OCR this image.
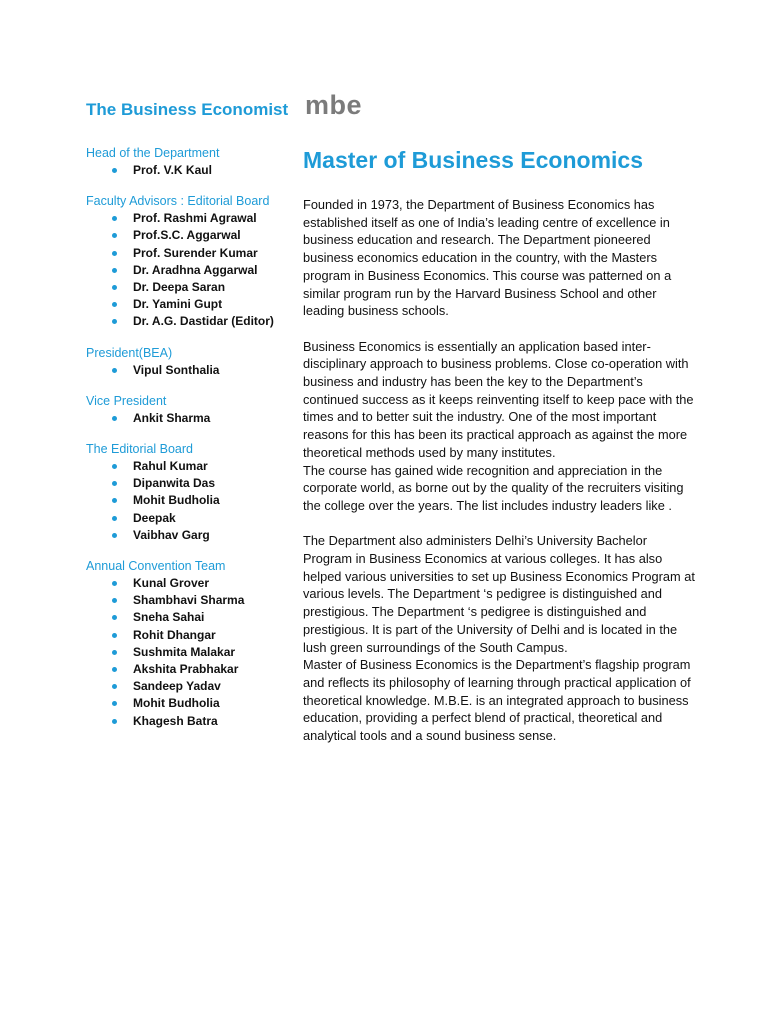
The Business Economist mbe

Head of the Department

Prof. V.K Kaul

Faculty Advisors : Editorial Board

Prof. Rashmi Agrawal
Prof.S.C. Aggarwal
Prof. Surender Kumar
Dr. Aradhna Aggarwal
Dr. Deepa Saran
Dr. Yamini Gupt
Dr. A.G. Dastidar (Editor)

President(BEA)

Vipul Sonthalia

Vice President

Ankit Sharma

The Editorial Board

Rahul Kumar
Dipanwita Das
Mohit Budholia
Deepak
Vaibhav Garg

Annual Convention Team

Kunal Grover
Shambhavi Sharma
Sneha Sahai
Rohit Dhangar
Sushmita Malakar
Akshita Prabhakar
Sandeep Yadav
Mohit Budholia
Khagesh Batra
Master of Business Economics

Founded in 1973, the Department of Business Economics has established itself as one of India’s leading centre of excellence in business education and research. The Department pioneered business economics education in the country, with the Masters program in Business Economics. This course was patterned on a similar program run by the Harvard Business School and other leading business schools.

Business Economics is essentially an application based inter-disciplinary approach to business problems. Close co-operation with business and industry has been the key to the Department’s continued success as it keeps reinventing itself to keep pace with the times and to better suit the industry. One of the most important reasons for this has been its practical approach as against the more theoretical methods used by many institutes.

The course has gained wide recognition and appreciation in the corporate world, as borne out by the quality of the recruiters visiting the college over the years. The list includes industry leaders like .

The Department also administers Delhi’s University Bachelor Program in Business Economics at various colleges. It has also helped various universities to set up Business Economics Program at various levels. The Department ‘s pedigree is distinguished and prestigious. The Department ‘s pedigree is distinguished and prestigious. It is part of the University of Delhi and is located in the lush green surroundings of the South Campus.

Master of Business Economics is the Department’s flagship program and reflects its philosophy of learning through practical application of theoretical knowledge. M.B.E. is an integrated approach to business education, providing a perfect blend of practical, theoretical and analytical tools and a sound business sense.
